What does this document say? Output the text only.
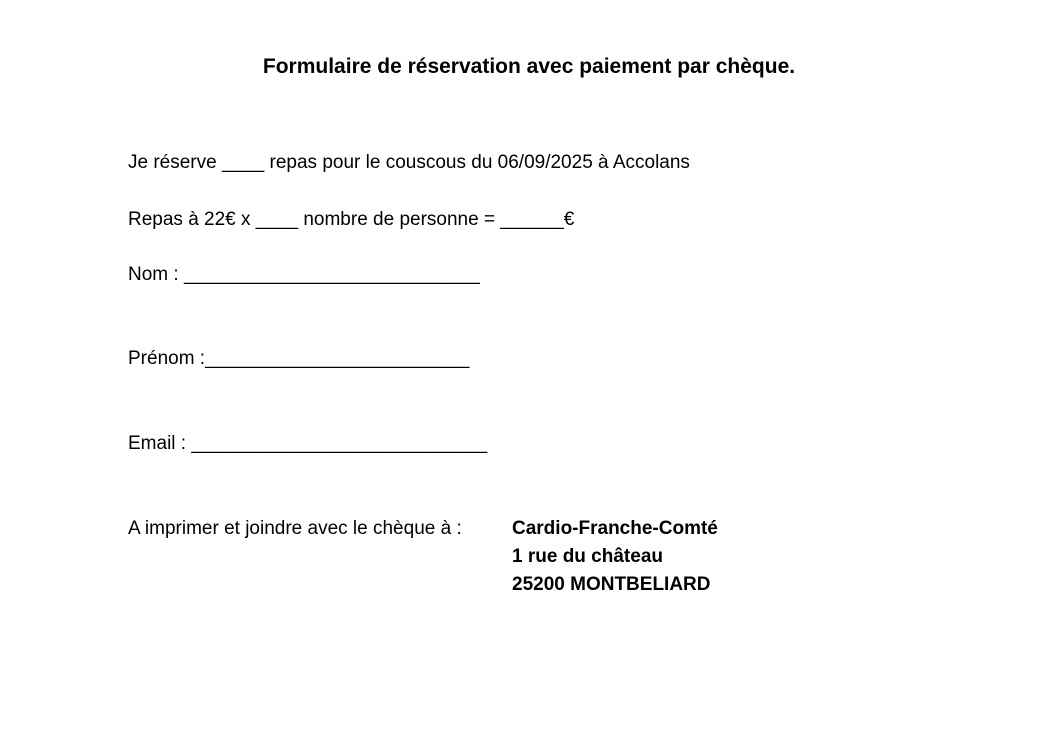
Formulaire de réservation avec paiement par chèque.
Je réserve ____ repas pour le couscous du 06/09/2025 à Accolans
Repas à 22€ x ____ nombre de personne = ______€
Nom : ____________________________
Prénom :_________________________
Email : ____________________________
A imprimer et joindre avec le chèque à :	Cardio-Franche-Comté
1 rue du château
25200 MONTBELIARD
